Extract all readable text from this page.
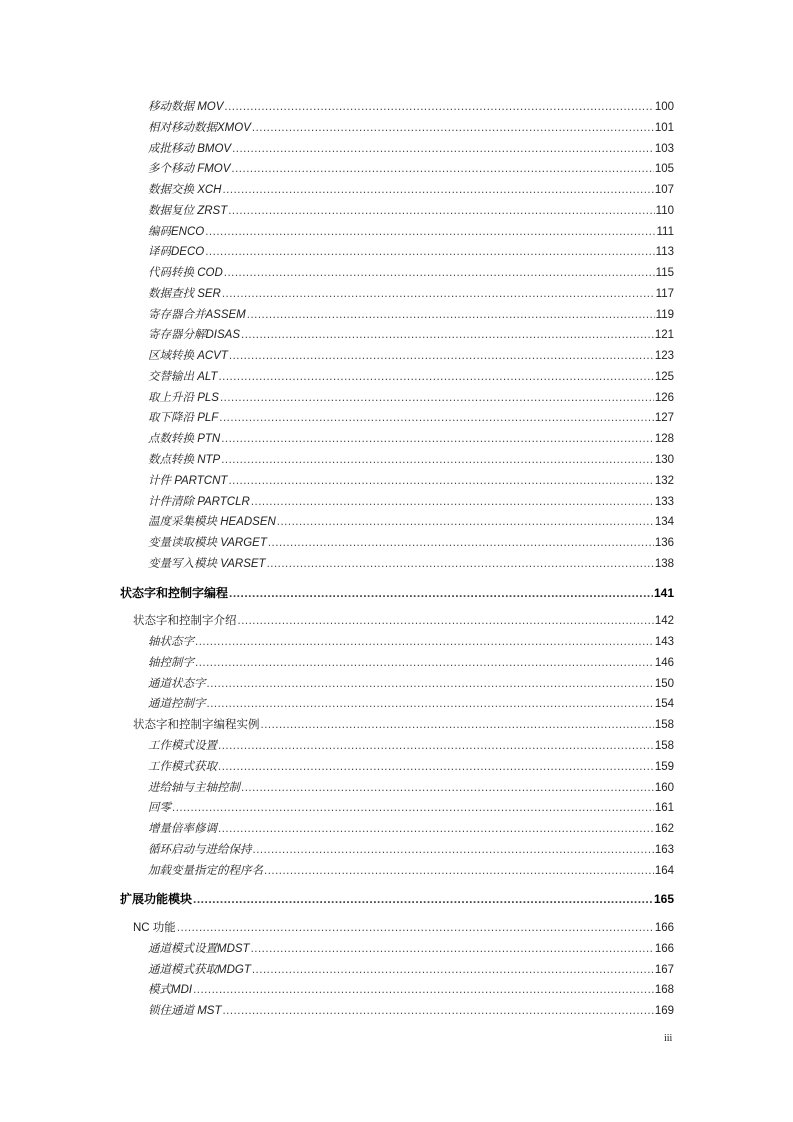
移动数据 MOV .....	100
相对移动数据XMOV .....	101
成批移动 BMOV .....	103
多个移动 FMOV .....	105
数据交换 XCH .....	107
数据复位 ZRST .....	110
编码ENCO .....	111
译码DECO .....	113
代码转换 COD .....	115
数据查找 SER .....	117
寄存器合并ASSEM .....	119
寄存器分解DISAS .....	121
区域转换 ACVT .....	123
交替输出 ALT .....	125
取上升沿 PLS .....	126
取下降沿 PLF .....	127
点数转换 PTN .....	128
数点转换 NTP .....	130
计件 PARTCNT .....	132
计件清除 PARTCLR .....	133
温度采集模块 HEADSEN .....	134
变量读取模块 VARGET .....	136
变量写入模块 VARSET .....	138
状态字和控制字编程 .....	141
状态字和控制字介绍 .....	142
轴状态字 .....	143
轴控制字 .....	146
通道状态字 .....	150
通道控制字 .....	154
状态字和控制字编程实例 .....	158
工作模式设置 .....	158
工作模式获取 .....	159
进给轴与主轴控制 .....	160
回零 .....	161
增量倍率修调 .....	162
循环启动与进给保持 .....	163
加载变量指定的程序名 .....	164
扩展功能模块 .....	165
NC 功能 .....	166
通道模式设置MDST .....	166
通道模式获取MDGT .....	167
模式MDI .....	168
锁住通道 MST .....	169
iii
